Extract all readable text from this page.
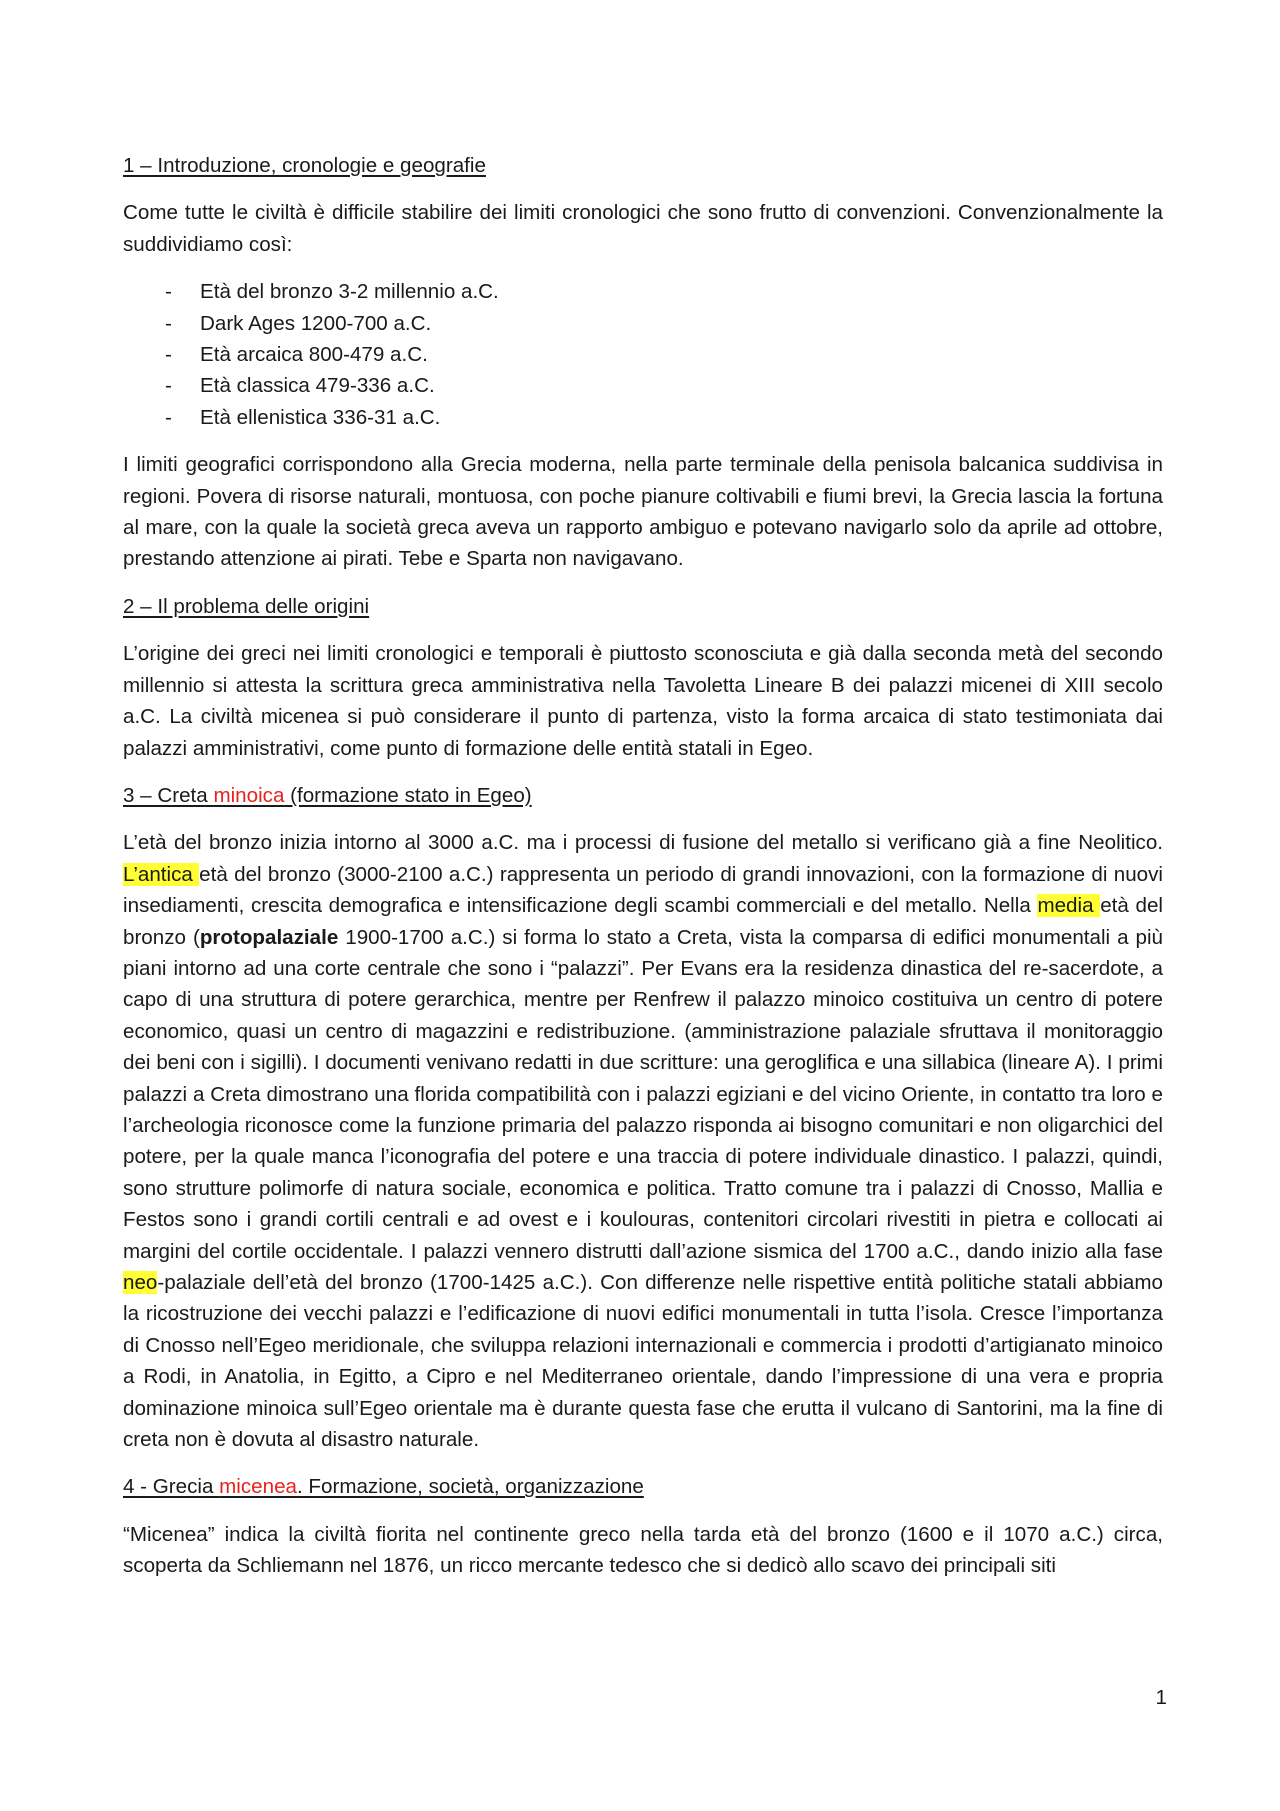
1 – Introduzione, cronologie e geografie

Come tutte le civiltà è difficile stabilire dei limiti cronologici che sono frutto di convenzioni. Convenzionalmente la suddividiamo così:

- Età del bronzo 3-2 millennio a.C.
- Dark Ages 1200-700 a.C.
- Età arcaica 800-479 a.C.
- Età classica 479-336 a.C.
- Età ellenistica 336-31 a.C.

I limiti geografici corrispondono alla Grecia moderna, nella parte terminale della penisola balcanica suddivisa in regioni. Povera di risorse naturali, montuosa, con poche pianure coltivabili e fiumi brevi, la Grecia lascia la fortuna al mare, con la quale la società greca aveva un rapporto ambiguo e potevano navigarlo solo da aprile ad ottobre, prestando attenzione ai pirati. Tebe e Sparta non navigavano.

2 – Il problema delle origini

L’origine dei greci nei limiti cronologici e temporali è piuttosto sconosciuta e già dalla seconda metà del secondo millennio si attesta la scrittura greca amministrativa nella Tavoletta Lineare B dei palazzi micenei di XIII secolo a.C. La civiltà micenea si può considerare il punto di partenza, visto la forma arcaica di stato testimoniata dai palazzi amministrativi, come punto di formazione delle entità statali in Egeo.

3 – Creta minoica (formazione stato in Egeo)

L’età del bronzo inizia intorno al 3000 a.C. ma i processi di fusione del metallo si verificano già a fine Neolitico. L’antica età del bronzo (3000-2100 a.C.) rappresenta un periodo di grandi innovazioni, con la formazione di nuovi insediamenti, crescita demografica e intensificazione degli scambi commerciali e del metallo. Nella media età del bronzo (protopalaziale 1900-1700 a.C.) si forma lo stato a Creta, vista la comparsa di edifici monumentali a più piani intorno ad una corte centrale che sono i “palazzi”. Per Evans era la residenza dinastica del re-sacerdote, a capo di una struttura di potere gerarchica, mentre per Renfrew il palazzo minoico costituiva un centro di potere economico, quasi un centro di magazzini e redistribuzione. (amministrazione palaziale sfruttava il monitoraggio dei beni con i sigilli). I documenti venivano redatti in due scritture: una geroglifica e una sillabica (lineare A). I primi palazzi a Creta dimostrano una florida compatibilità con i palazzi egiziani e del vicino Oriente, in contatto tra loro e l’archeologia riconosce come la funzione primaria del palazzo risponda ai bisogno comunitari e non oligarchici del potere, per la quale manca l’iconografia del potere e una traccia di potere individuale dinastico. I palazzi, quindi, sono strutture polimorfe di natura sociale, economica e politica. Tratto comune tra i palazzi di Cnosso, Mallia e Festos sono i grandi cortili centrali e ad ovest e i koulouras, contenitori circolari rivestiti in pietra e collocati ai margini del cortile occidentale. I palazzi vennero distrutti dall’azione sismica del 1700 a.C., dando inizio alla fase neo-palaziale dell’età del bronzo (1700-1425 a.C.). Con differenze nelle rispettive entità politiche statali abbiamo la ricostruzione dei vecchi palazzi e l’edificazione di nuovi edifici monumentali in tutta l’isola. Cresce l’importanza di Cnosso nell’Egeo meridionale, che sviluppa relazioni internazionali e commercia i prodotti d’artigianato minoico a Rodi, in Anatolia, in Egitto, a Cipro e nel Mediterraneo orientale, dando l’impressione di una vera e propria dominazione minoica sull’Egeo orientale ma è durante questa fase che erutta il vulcano di Santorini, ma la fine di creta non è dovuta al disastro naturale.

4 - Grecia micenea. Formazione, società, organizzazione

“Micenea” indica la civiltà fiorita nel continente greco nella tarda età del bronzo (1600 e il 1070 a.C.) circa, scoperta da Schliemann nel 1876, un ricco mercante tedesco che si dedicò allo scavo dei principali siti

1
